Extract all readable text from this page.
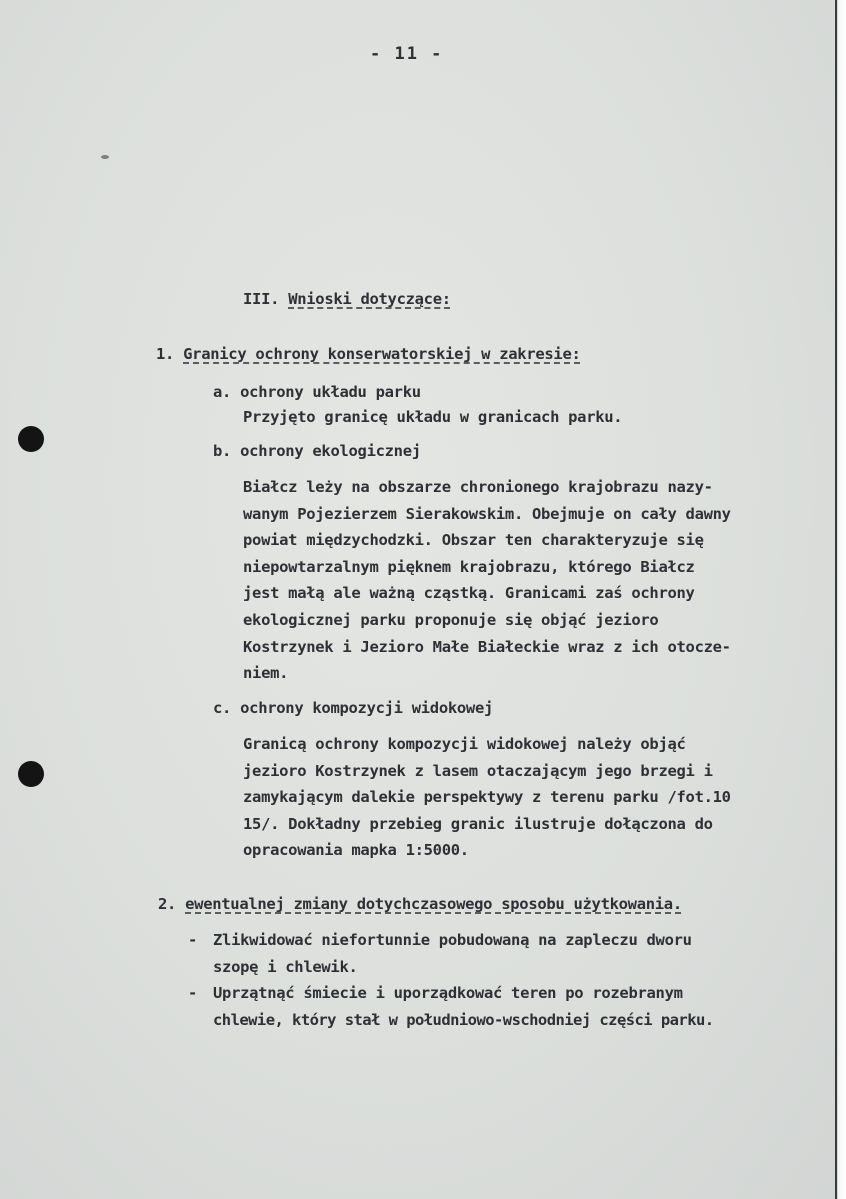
- 11 -
III. Wnioski dotyczące:
1. Granicy ochrony konserwatorskiej w zakresie:
a. ochrony układu parku
Przyjęto granicę układu w granicach parku.
b. ochrony ekologicznej
Białcz leży na obszarze chronionego krajobrazu nazy-
wanym Pojezierzem Sierakowskim. Obejmuje on cały dawny
powiat międzychodzki. Obszar ten charakteryzuje się
niepowtarzalnym pięknem krajobrazu, którego Białcz
jest małą ale ważną cząstką. Granicami zaś ochrony
ekologicznej parku proponuje się objąć jezioro
Kostrzynek i Jezioro Małe Białeckie wraz z ich otocze-
niem.
c. ochrony kompozycji widokowej
Granicą ochrony kompozycji widokowej należy objąć
jezioro Kostrzynek z lasem otaczającym jego brzegi i
zamykającym dalekie perspektywy z terenu parku /fot.10
15/. Dokładny przebieg granic ilustruje dołączona do
opracowania mapka 1:5000.
2. ewentualnej zmiany dotychczasowego sposobu użytkowania.
- Zlikwidować niefortunnie pobudowaną na zapleczu dworu
szopę i chlewik.
- Uprzątnąć śmiecie i uporządkować teren po rozebranym
chlewie, który stał w południowo-wschodniej części parku.
